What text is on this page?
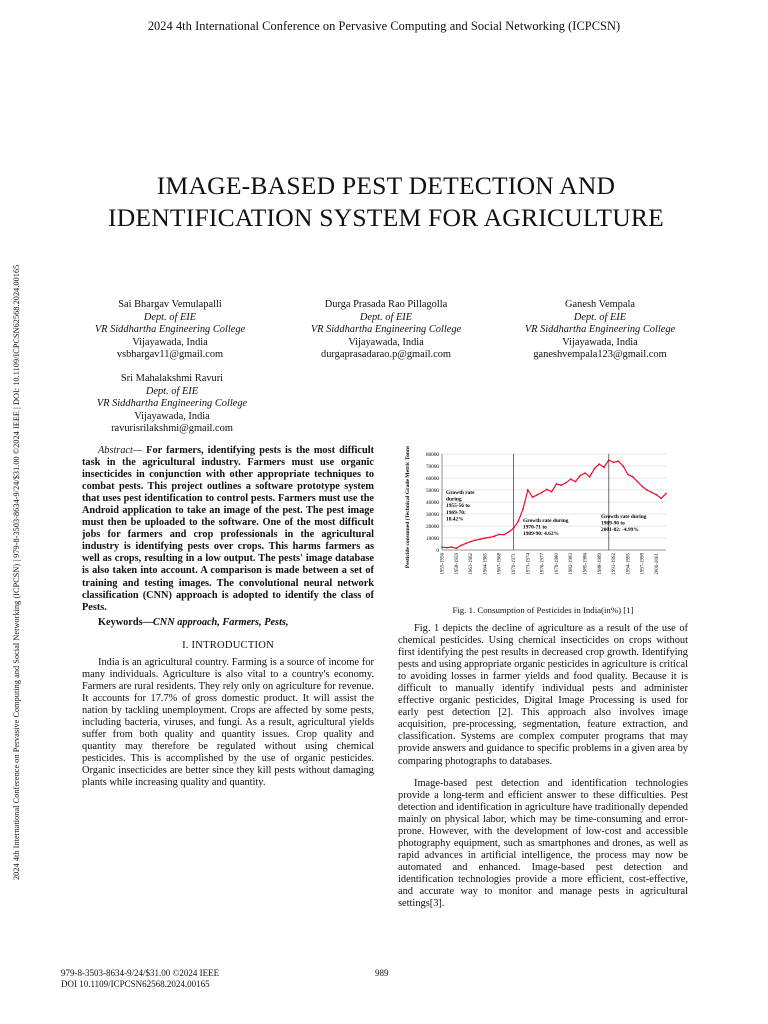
2024 4th International Conference on Pervasive Computing and Social Networking (ICPCSN)
2024 4th International Conference on Pervasive Computing and Social Networking (ICPCSN) | 979-8-3503-8634-9/24/$31.00 ©2024 IEEE | DOI: 10.1109/ICPCSN62568.2024.00165
IMAGE-BASED PEST DETECTION AND IDENTIFICATION SYSTEM FOR AGRICULTURE
Sai Bhargav Vemulapalli
Dept. of EIE
VR Siddhartha Engineering College
Vijayawada, India
vsbhargav11@gmail.com
Durga Prasada Rao Pillagolla
Dept. of EIE
VR Siddhartha Engineering College
Vijayawada, India
durgaprasadarao.p@gmail.com
Ganesh Vempala
Dept. of EIE
VR Siddhartha Engineering College
Vijayawada, India
ganeshvempala123@gmail.com
Sri Mahalakshmi Ravuri
Dept. of EIE
VR Siddhartha Engineering College
Vijayawada, India
ravurisrilakshmi@gmail.com

Abstract— For farmers, identifying pests is the most difficult task in the agricultural industry. Farmers must use organic insecticides in conjunction with other appropriate techniques to combat pests. This project outlines a software prototype system that uses pest identification to control pests. Farmers must use the Android application to take an image of the pest. The pest image must then be uploaded to the software. One of the most difficult jobs for farmers and crop professionals in the agricultural industry is identifying pests over crops. This harms farmers as well as crops, resulting in a low output. The pests' image database is also taken into account. A comparison is made between a set of training and testing images. The convolutional neural network classification (CNN) approach is adopted to identify the class of Pests.

Keywords—CNN approach, Farmers, Pests,

I. INTRODUCTION

India is an agricultural country. Farming is a source of income for many individuals. Agriculture is also vital to a country's economy. Farmers are rural residents. They rely only on agriculture for revenue. It accounts for 17.7% of gross domestic product. It will assist the nation by tackling unemployment. Crops are affected by some pests, including bacteria, viruses, and fungi. As a result, agricultural yields suffer from both quality and quantity issues. Crop quality and quantity may therefore be regulated without using chemical pesticides. This is accomplished by the use of organic pesticides. Organic insecticides are better since they kill pests without damaging plants while increasing quality and quantity.

Pesticide consumed (Technical Grade Metric Tonns)	0
10000
20000
30000
40000
50000
60000
70000
80000
1955-1956 1958-1959 1961-1962 1964-1965 1967-1968 1970-1971 1973-1974 1976-1977 1979-1980 1982-1983 1985-1986 1988-1989 1991-1992 1994-1995 1997-1998 2000-2001
Growth rate during 1955-56 to 1969-70: 18.42%	Growth rate during 1970-71 to 1989-90: 4.62%
Growth rate during 1989-90 to 2001-02: -4.99%
Fig. 1. Consumption of Pesticides in India(in%) [1]

Fig. 1 depicts the decline of agriculture as a result of the use of chemical pesticides. Using chemical insecticides on crops without first identifying the pest results in decreased crop growth. Identifying pests and using appropriate organic pesticides in agriculture is critical to avoiding losses in farmer yields and food quality. Because it is difficult to manually identify individual pests and administer effective organic pesticides, Digital Image Processing is used for early pest detection [2]. This approach also involves image acquisition, pre-processing, segmentation, feature extraction, and classification. Systems are complex computer programs that may provide answers and guidance to specific problems in a given area by comparing photographs to databases.

Image-based pest detection and identification technologies provide a long-term and efficient answer to these difficulties. Pest detection and identification in agriculture have traditionally depended mainly on physical labor, which may be time-consuming and error-prone. However, with the development of low-cost and accessible photography equipment, such as smartphones and drones, as well as rapid advances in artificial intelligence, the process may now be automated and enhanced. Image-based pest detection and identification technologies provide a more efficient, cost-effective, and accurate way to monitor and manage pests in agricultural settings[3].

979-8-3503-8634-9/24/$31.00 ©2024 IEEE
DOI 10.1109/ICPCSN62568.2024.00165
989
